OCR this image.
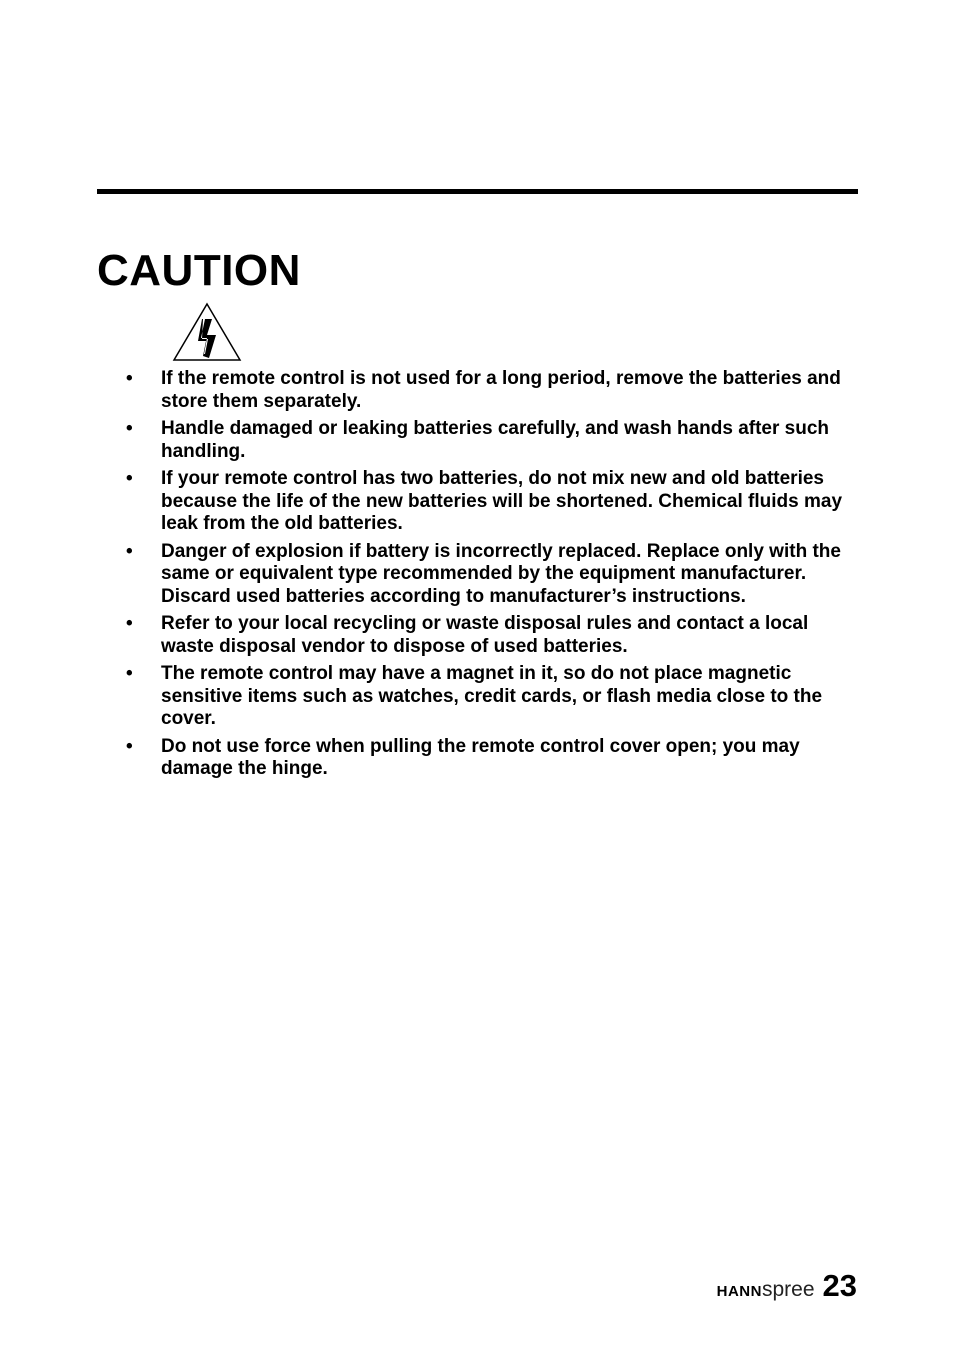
CAUTION
•	If the remote control is not used for a long period, remove the batteries and store them separately.
•	Handle damaged or leaking batteries carefully, and wash hands after such handling.
•	If your remote control has two batteries, do not mix new and old batteries because the life of the new batteries will be shortened. Chemical fluids may leak from the old batteries.
•	Danger of explosion if battery is incorrectly replaced. Replace only with the same or equivalent type recommended by the equipment manufacturer. Discard used batteries according to manufacturer’s instructions.
•	Refer to your local recycling or waste disposal rules and contact a local waste disposal vendor to dispose of used batteries.
•	The remote control may have a magnet in it, so do not place magnetic sensitive items such as watches, credit cards, or flash media close to the cover.
•	Do not use force when pulling the remote control cover open; you may damage the hinge.
HANNspree 23
